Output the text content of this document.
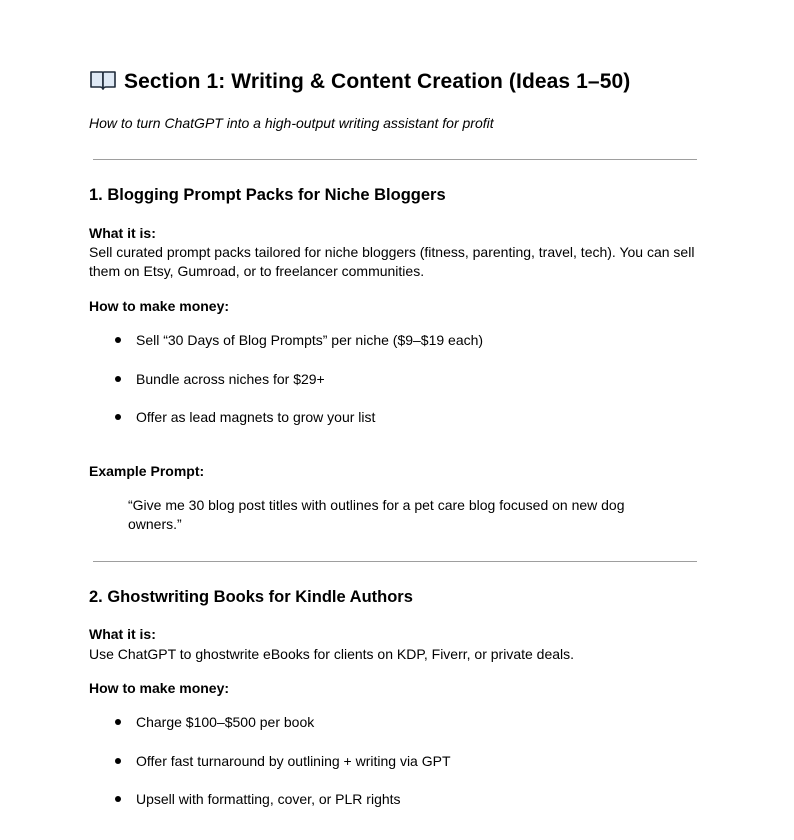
Section 1: Writing & Content Creation (Ideas 1–50)
How to turn ChatGPT into a high-output writing assistant for profit
1. Blogging Prompt Packs for Niche Bloggers
What it is:
Sell curated prompt packs tailored for niche bloggers (fitness, parenting, travel, tech). You can sell them on Etsy, Gumroad, or to freelancer communities.
How to make money:
Sell “30 Days of Blog Prompts” per niche ($9–$19 each)
Bundle across niches for $29+
Offer as lead magnets to grow your list
Example Prompt:
“Give me 30 blog post titles with outlines for a pet care blog focused on new dog owners.”
2. Ghostwriting Books for Kindle Authors
What it is:
Use ChatGPT to ghostwrite eBooks for clients on KDP, Fiverr, or private deals.
How to make money:
Charge $100–$500 per book
Offer fast turnaround by outlining + writing via GPT
Upsell with formatting, cover, or PLR rights
